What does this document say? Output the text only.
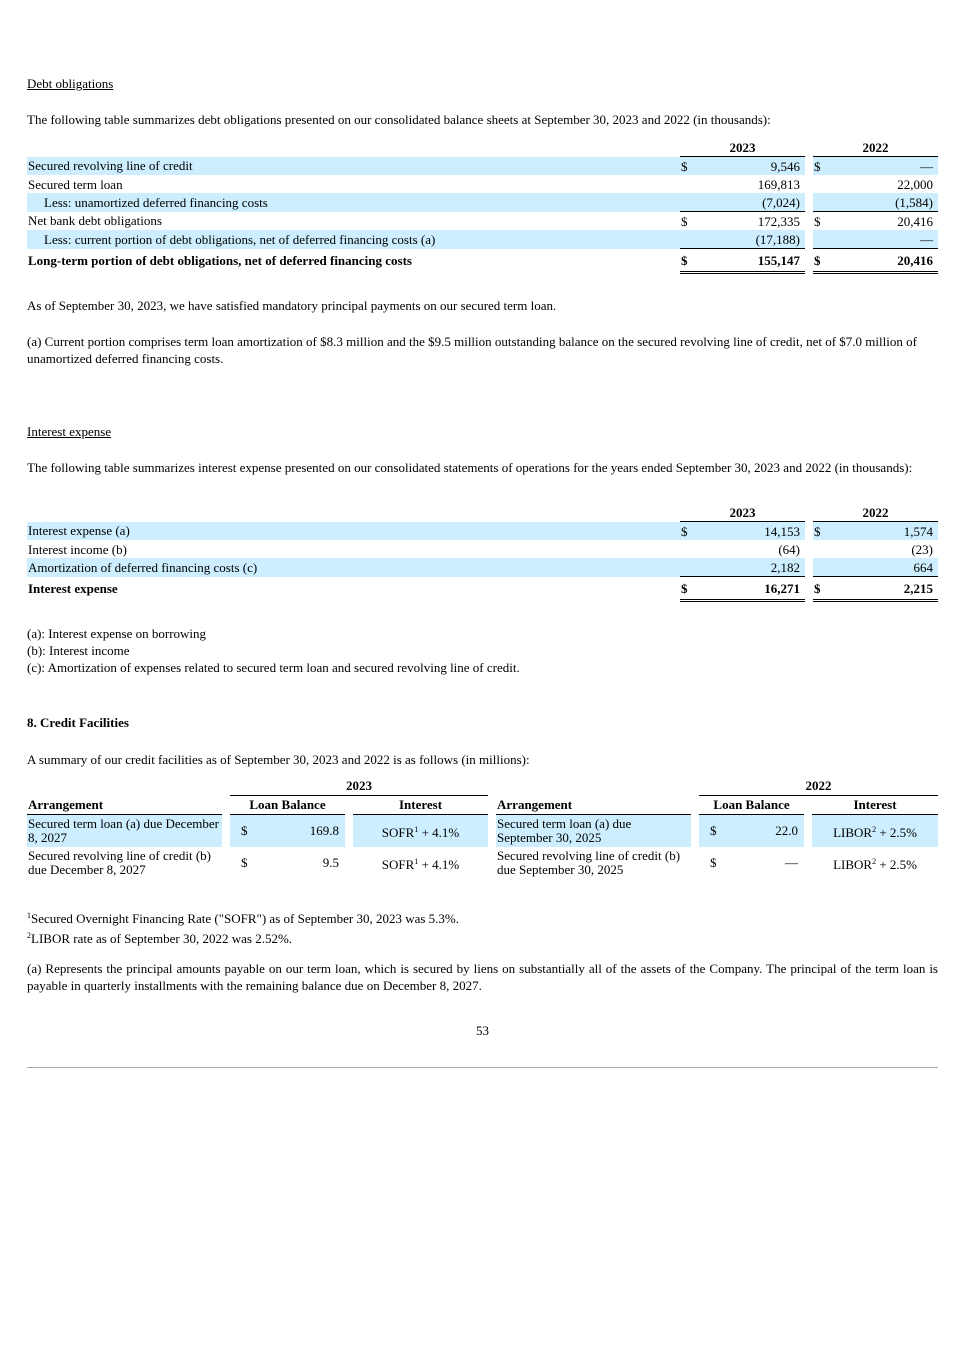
Debt obligations
The following table summarizes debt obligations presented on our consolidated balance sheets at September 30, 2023 and 2022 (in thousands):
	2023			2022	
Secured revolving line of credit	$	9,546		$	—
Secured term loan		169,813			22,000
Less: unamortized deferred financing costs		(7,024)			(1,584)
Net bank debt obligations	$	172,335		$	20,416
Less: current portion of debt obligations, net of deferred financing costs (a)		(17,188)			—
Long-term portion of debt obligations, net of deferred financing costs	$	155,147		$	20,416
As of September 30, 2023, we have satisfied mandatory principal payments on our secured term loan.
(a) Current portion comprises term loan amortization of $8.3 million and the $9.5 million outstanding balance on the secured revolving line of credit, net of $7.0 million of unamortized deferred financing costs.
Interest expense
The following table summarizes interest expense presented on our consolidated statements of operations for the years ended September 30, 2023 and 2022 (in thousands):
	2023			2022	
Interest expense (a)	$	14,153		$	1,574
Interest income (b)		(64)			(23)
Amortization of deferred financing costs (c)		2,182			664
Interest expense	$	16,271		$	2,215
(a): Interest expense on borrowing
(b): Interest income
(c): Amortization of expenses related to secured term loan and secured revolving line of credit.
8. Credit Facilities
A summary of our credit facilities as of September 30, 2023 and 2022 is as follows (in millions):
		2023						2022		
Arrangement		Loan Balance		Interest		Arrangement		Loan Balance		Interest
Secured term loan (a) due December 8, 2027		$ 169.8		$SOFR^1 + 4.1\%$		Secured term loan (a) due September 30, 2025		$ 22.0		$LIBOR^2 + 2.5\%$
Secured revolving line of credit (b) due December 8, 2027		$ 9.5		$SOFR^1 + 4.1\%$		Secured revolving line of credit (b) due September 30, 2025		$ —		$LIBOR^2 + 2.5\%$
$^1$Secured Overnight Financing Rate ("SOFR") as of September 30, 2023 was 5.3%.
$^2$LIBOR rate as of September 30, 2022 was 2.52%.
(a) Represents the principal amounts payable on our term loan, which is secured by liens on substantially all of the assets of the Company. The principal of the term loan is payable in quarterly installments with the remaining balance due on December 8, 2027.
53
